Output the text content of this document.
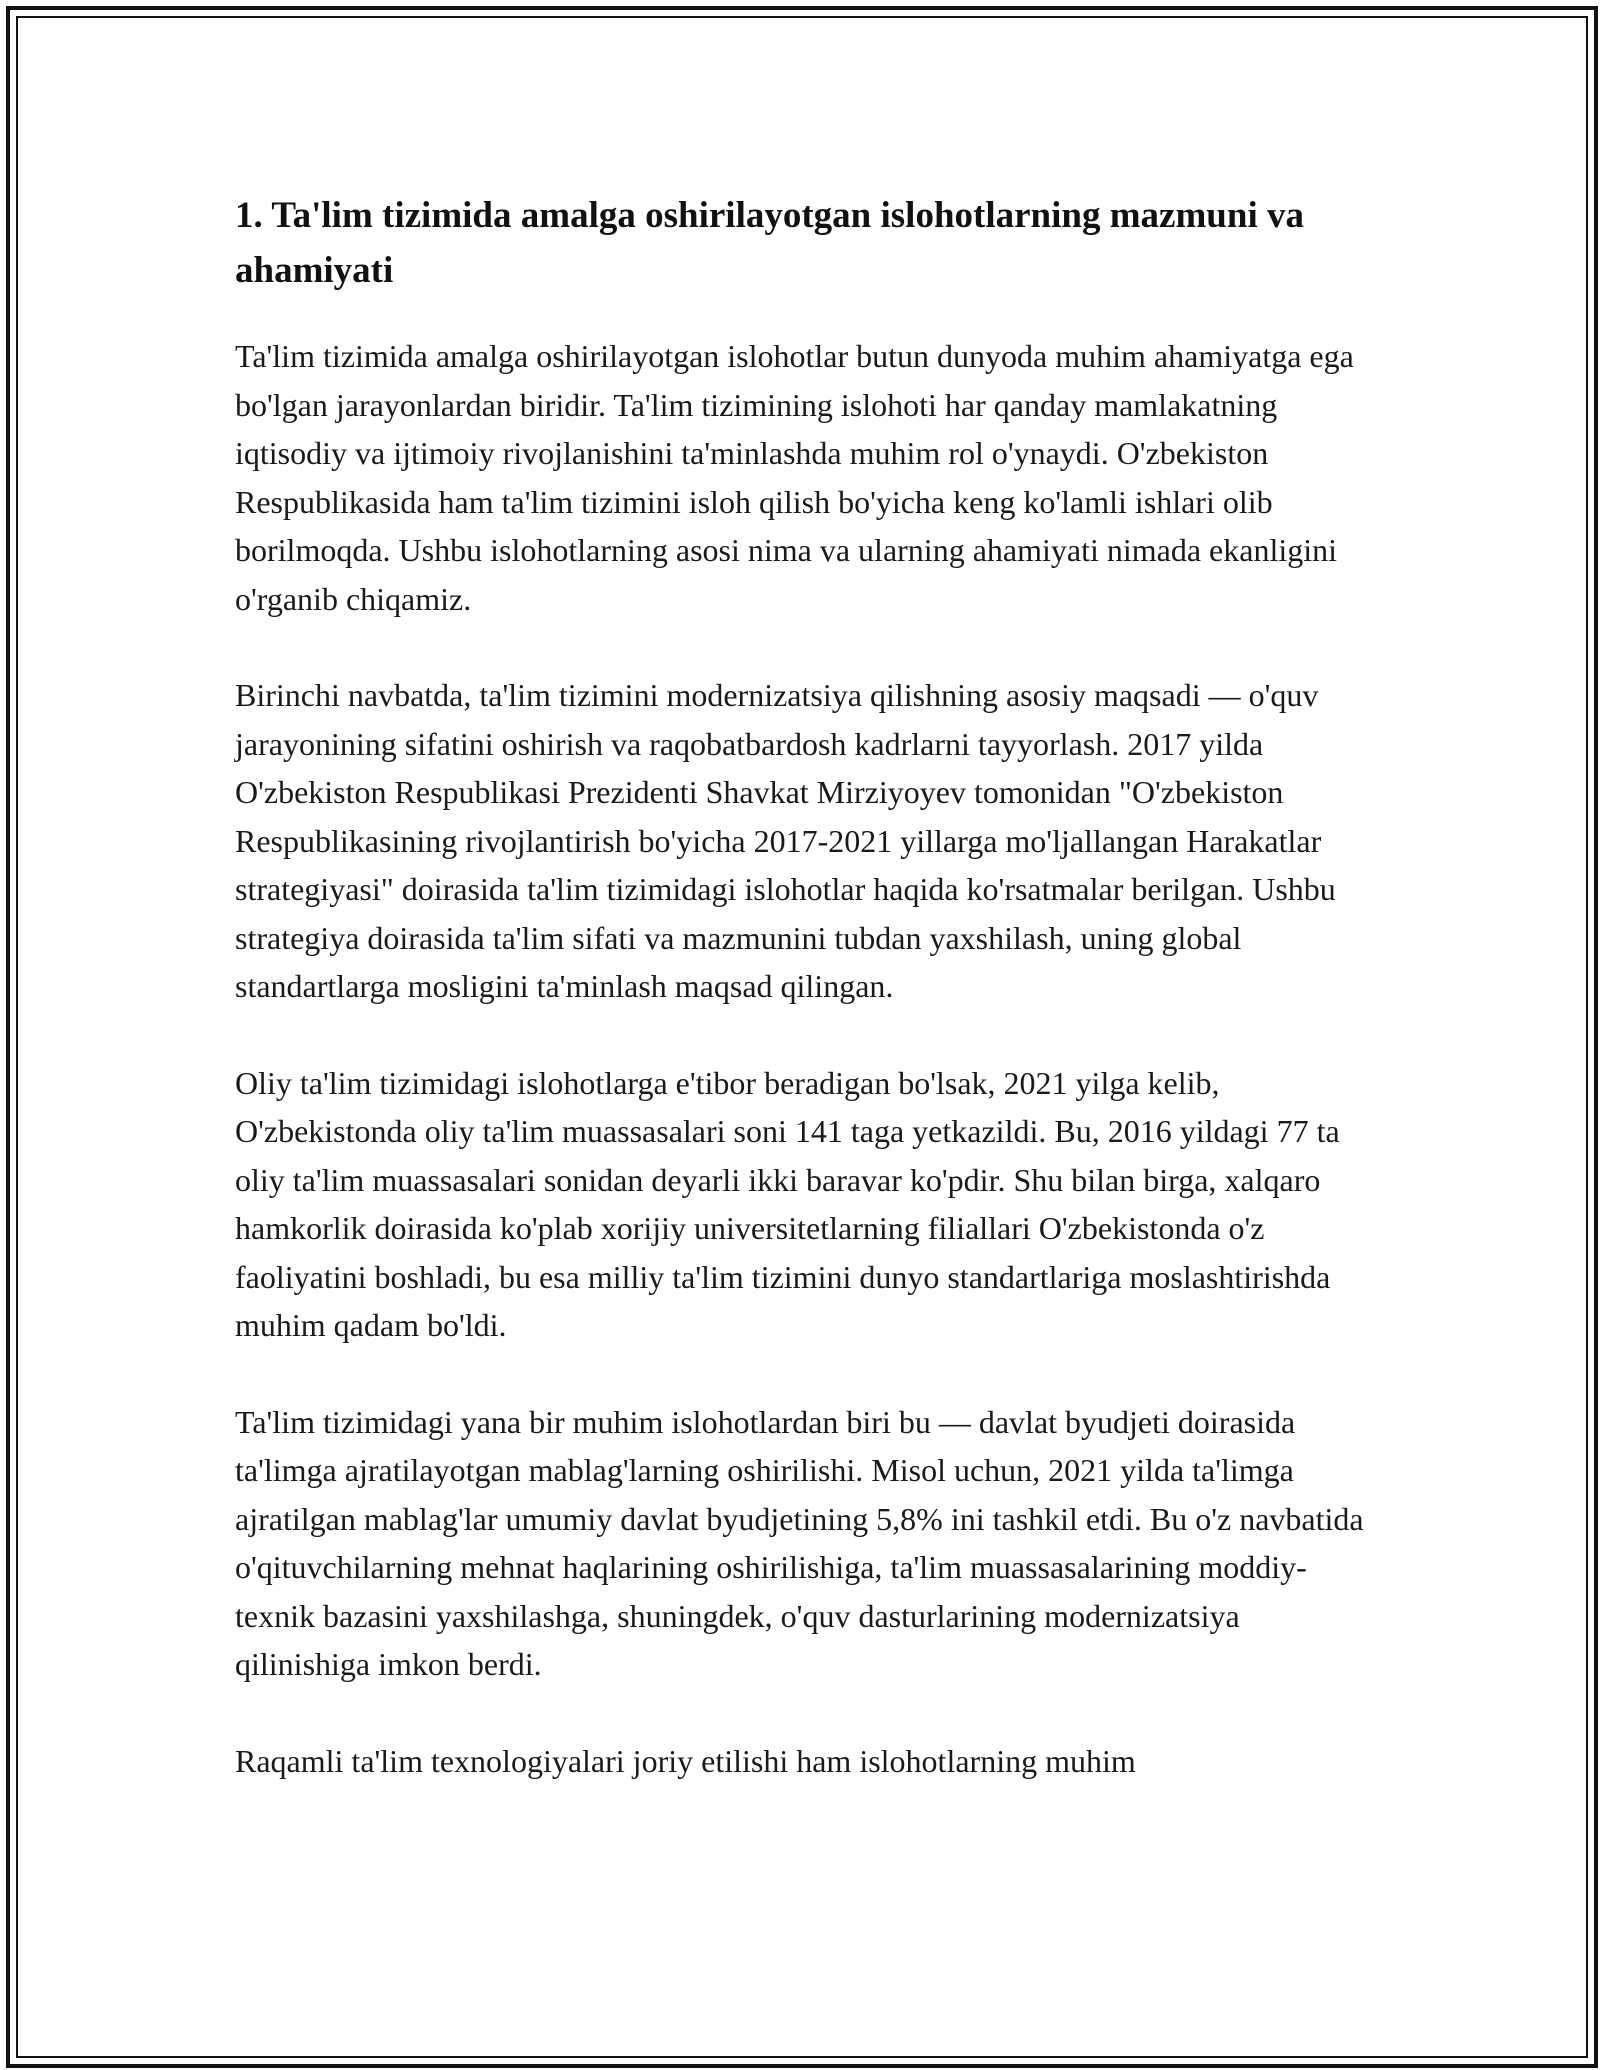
1. Ta'lim tizimida amalga oshirilayotgan islohotlarning mazmuni va ahamiyati

Ta'lim tizimida amalga oshirilayotgan islohotlar butun dunyoda muhim ahamiyatga ega bo'lgan jarayonlardan biridir. Ta'lim tizimining islohoti har qanday mamlakatning iqtisodiy va ijtimoiy rivojlanishini ta'minlashda muhim rol o'ynaydi. O'zbekiston Respublikasida ham ta'lim tizimini isloh qilish bo'yicha keng ko'lamli ishlari olib borilmoqda. Ushbu islohotlarning asosi nima va ularning ahamiyati nimada ekanligini o'rganib chiqamiz.

Birinchi navbatda, ta'lim tizimini modernizatsiya qilishning asosiy maqsadi — o'quv jarayonining sifatini oshirish va raqobatbardosh kadrlarni tayyorlash. 2017 yilda O'zbekiston Respublikasi Prezidenti Shavkat Mirziyoyev tomonidan "O'zbekiston Respublikasining rivojlantirish bo'yicha 2017-2021 yillarga mo'ljallangan Harakatlar strategiyasi" doirasida ta'lim tizimidagi islohotlar haqida ko'rsatmalar berilgan. Ushbu strategiya doirasida ta'lim sifati va mazmunini tubdan yaxshilash, uning global standartlarga mosligini ta'minlash maqsad qilingan.

Oliy ta'lim tizimidagi islohotlarga e'tibor beradigan bo'lsak, 2021 yilga kelib, O'zbekistonda oliy ta'lim muassasalari soni 141 taga yetkazildi. Bu, 2016 yildagi 77 ta oliy ta'lim muassasalari sonidan deyarli ikki baravar ko'pdir. Shu bilan birga, xalqaro hamkorlik doirasida ko'plab xorijiy universitetlarning filiallari O'zbekistonda o'z faoliyatini boshladi, bu esa milliy ta'lim tizimini dunyo standartlariga moslashtirishda muhim qadam bo'ldi.

Ta'lim tizimidagi yana bir muhim islohotlardan biri bu — davlat byudjeti doirasida ta'limga ajratilayotgan mablag'larning oshirilishi. Misol uchun, 2021 yilda ta'limga ajratilgan mablag'lar umumiy davlat byudjetining 5,8% ini tashkil etdi. Bu o'z navbatida o'qituvchilarning mehnat haqlarining oshirilishiga, ta'lim muassasalarining moddiy-texnik bazasini yaxshilashga, shuningdek, o'quv dasturlarining modernizatsiya qilinishiga imkon berdi.

Raqamli ta'lim texnologiyalari joriy etilishi ham islohotlarning muhim
